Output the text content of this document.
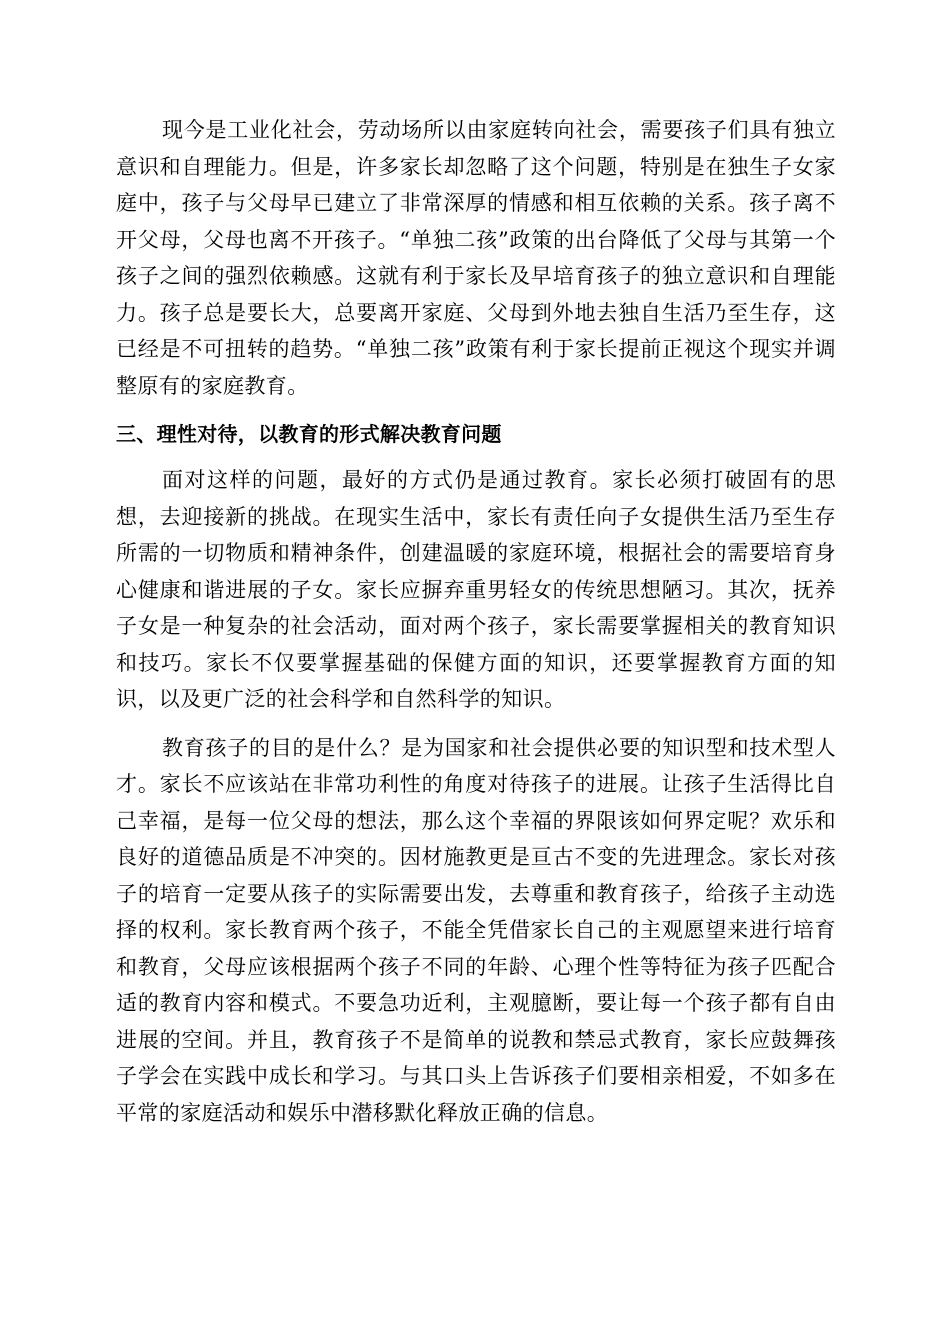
现今是工业化社会，劳动场所以由家庭转向社会，需要孩子们具有独立意识和自理能力。但是，许多家长却忽略了这个问题，特别是在独生子女家庭中，孩子与父母早已建立了非常深厚的情感和相互依赖的关系。孩子离不开父母，父母也离不开孩子。“单独二孩”政策的出台降低了父母与其第一个孩子之间的强烈依赖感。这就有利于家长及早培育孩子的独立意识和自理能力。孩子总是要长大，总要离开家庭、父母到外地去独自生活乃至生存，这已经是不可扭转的趋势。“单独二孩”政策有利于家长提前正视这个现实并调整原有的家庭教育。

三、理性对待，以教育的形式解决教育问题

面对这样的问题，最好的方式仍是通过教育。家长必须打破固有的思想，去迎接新的挑战。在现实生活中，家长有责任向子女提供生活乃至生存所需的一切物质和精神条件，创建温暖的家庭环境，根据社会的需要培育身心健康和谐进展的子女。家长应摒弃重男轻女的传统思想陋习。其次，抚养子女是一种复杂的社会活动，面对两个孩子，家长需要掌握相关的教育知识和技巧。家长不仅要掌握基础的保健方面的知识，还要掌握教育方面的知识，以及更广泛的社会科学和自然科学的知识。

教育孩子的目的是什么？是为国家和社会提供必要的知识型和技术型人才。家长不应该站在非常功利性的角度对待孩子的进展。让孩子生活得比自己幸福，是每一位父母的想法，那么这个幸福的界限该如何界定呢？欢乐和良好的道德品质是不冲突的。因材施教更是亘古不变的先进理念。家长对孩子的培育一定要从孩子的实际需要出发，去尊重和教育孩子，给孩子主动选择的权利。家长教育两个孩子，不能全凭借家长自己的主观愿望来进行培育和教育，父母应该根据两个孩子不同的年龄、心理个性等特征为孩子匹配合适的教育内容和模式。不要急功近利，主观臆断，要让每一个孩子都有自由进展的空间。并且，教育孩子不是简单的说教和禁忌式教育，家长应鼓舞孩子学会在实践中成长和学习。与其口头上告诉孩子们要相亲相爱，不如多在平常的家庭活动和娱乐中潜移默化释放正确的信息。
